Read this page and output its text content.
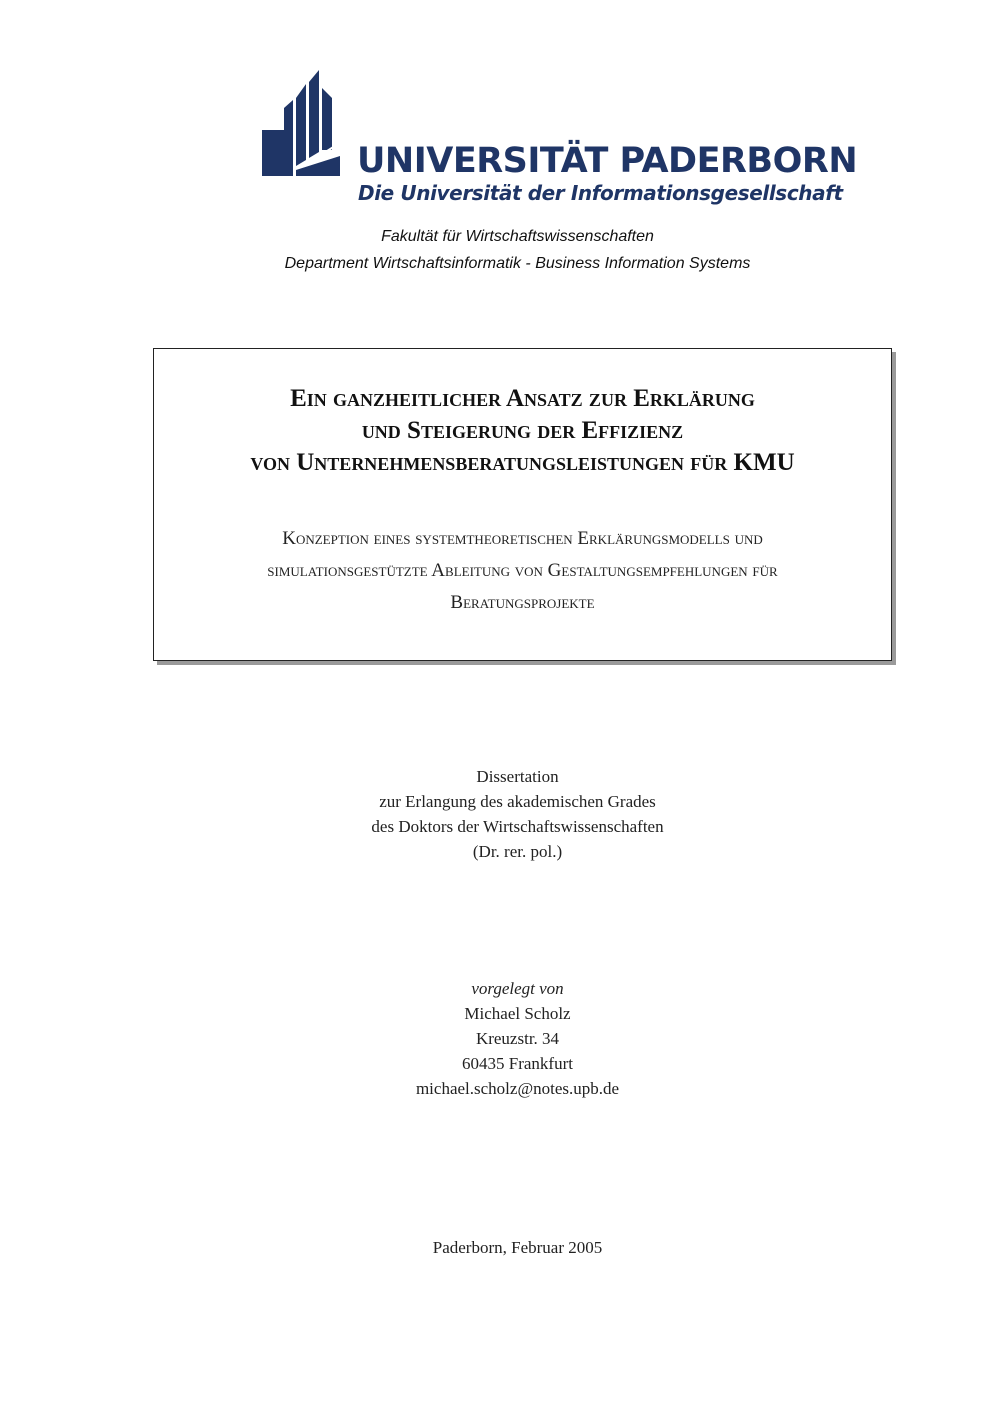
UNIVERSITÄT PADERBORN
Die Universität der Informationsgesellschaft
Fakultät für Wirtschaftswissenschaften
Department Wirtschaftsinformatik - Business Information Systems
Ein ganzheitlicher Ansatz zur Erklärung
und Steigerung der Effizienz
von Unternehmensberatungsleistungen für KMU
Konzeption eines systemtheoretischen Erklärungsmodells und
simulationsgestützte Ableitung von Gestaltungsempfehlungen für
Beratungsprojekte
Dissertation
zur Erlangung des akademischen Grades
des Doktors der Wirtschaftswissenschaften
(Dr. rer. pol.)
vorgelegt von
Michael Scholz
Kreuzstr. 34
60435 Frankfurt
michael.scholz@notes.upb.de
Paderborn, Februar 2005
